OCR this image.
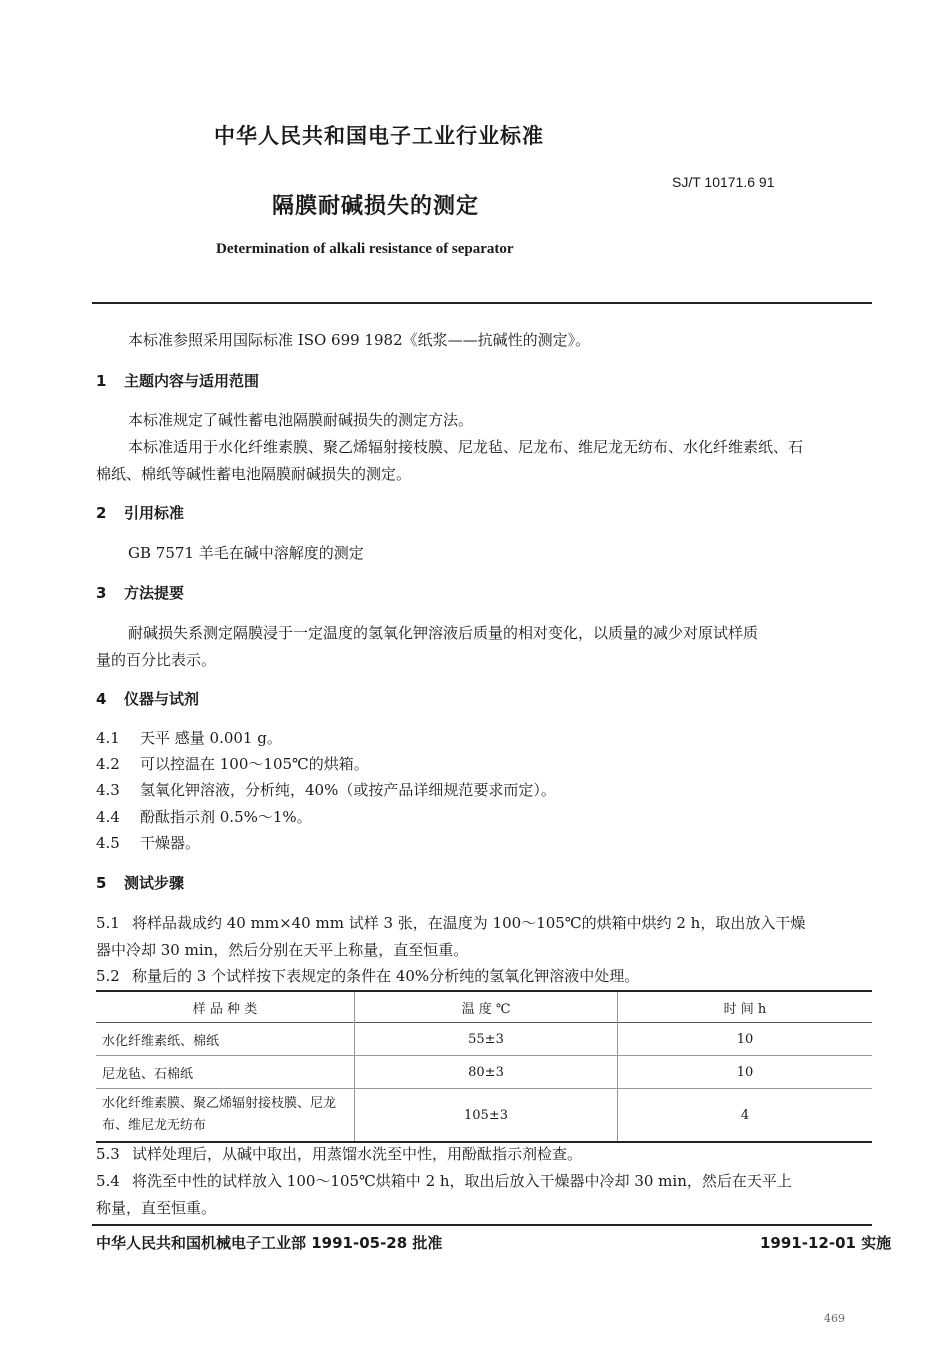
中华人民共和国电子工业行业标准
SJ/T 10171.6 91
隔膜耐碱损失的测定
Determination of alkali resistance of separator
本标准参照采用国际标准 ISO 699 1982《纸浆——抗碱性的测定》。
1 主题内容与适用范围
本标准规定了碱性蓄电池隔膜耐碱损失的测定方法。
本标准适用于水化纤维素膜、聚乙烯辐射接枝膜、尼龙毡、尼龙布、维尼龙无纺布、水化纤维素纸、石
棉纸、棉纸等碱性蓄电池隔膜耐碱损失的测定。
2 引用标准
GB 7571 羊毛在碱中溶解度的测定
3 方法提要
耐碱损失系测定隔膜浸于一定温度的氢氧化钾溶液后质量的相对变化，以质量的减少对原试样质
量的百分比表示。
4 仪器与试剂
4.1 天平 感量 0.001 g。
4.2 可以控温在 100～105℃的烘箱。
4.3 氢氧化钾溶液，分析纯，40%（或按产品详细规范要求而定）。
4.4 酚酞指示剂 0.5%～1%。
4.5 干燥器。
5 测试步骤
5.1 将样品裁成约 40 mm×40 mm 试样 3 张，在温度为 100～105℃的烘箱中烘约 2 h，取出放入干燥
器中冷却 30 min，然后分别在天平上称量，直至恒重。
5.2 称量后的 3 个试样按下表规定的条件在 40%分析纯的氢氧化钾溶液中处理。
样 品 种 类	温 度 ℃	时 间 h
水化纤维素纸、棉纸	55±3	10
尼龙毡、石棉纸	80±3	10
水化纤维素膜、聚乙烯辐射接枝膜、尼龙布、维尼龙无纺布	105±3	4
5.3 试样处理后，从碱中取出，用蒸馏水洗至中性，用酚酞指示剂检查。
5.4 将洗至中性的试样放入 100～105℃烘箱中 2 h，取出后放入干燥器中冷却 30 min，然后在天平上
称量，直至恒重。
中华人民共和国机械电子工业部 1991-05-28 批准	1991-12-01 实施
469
